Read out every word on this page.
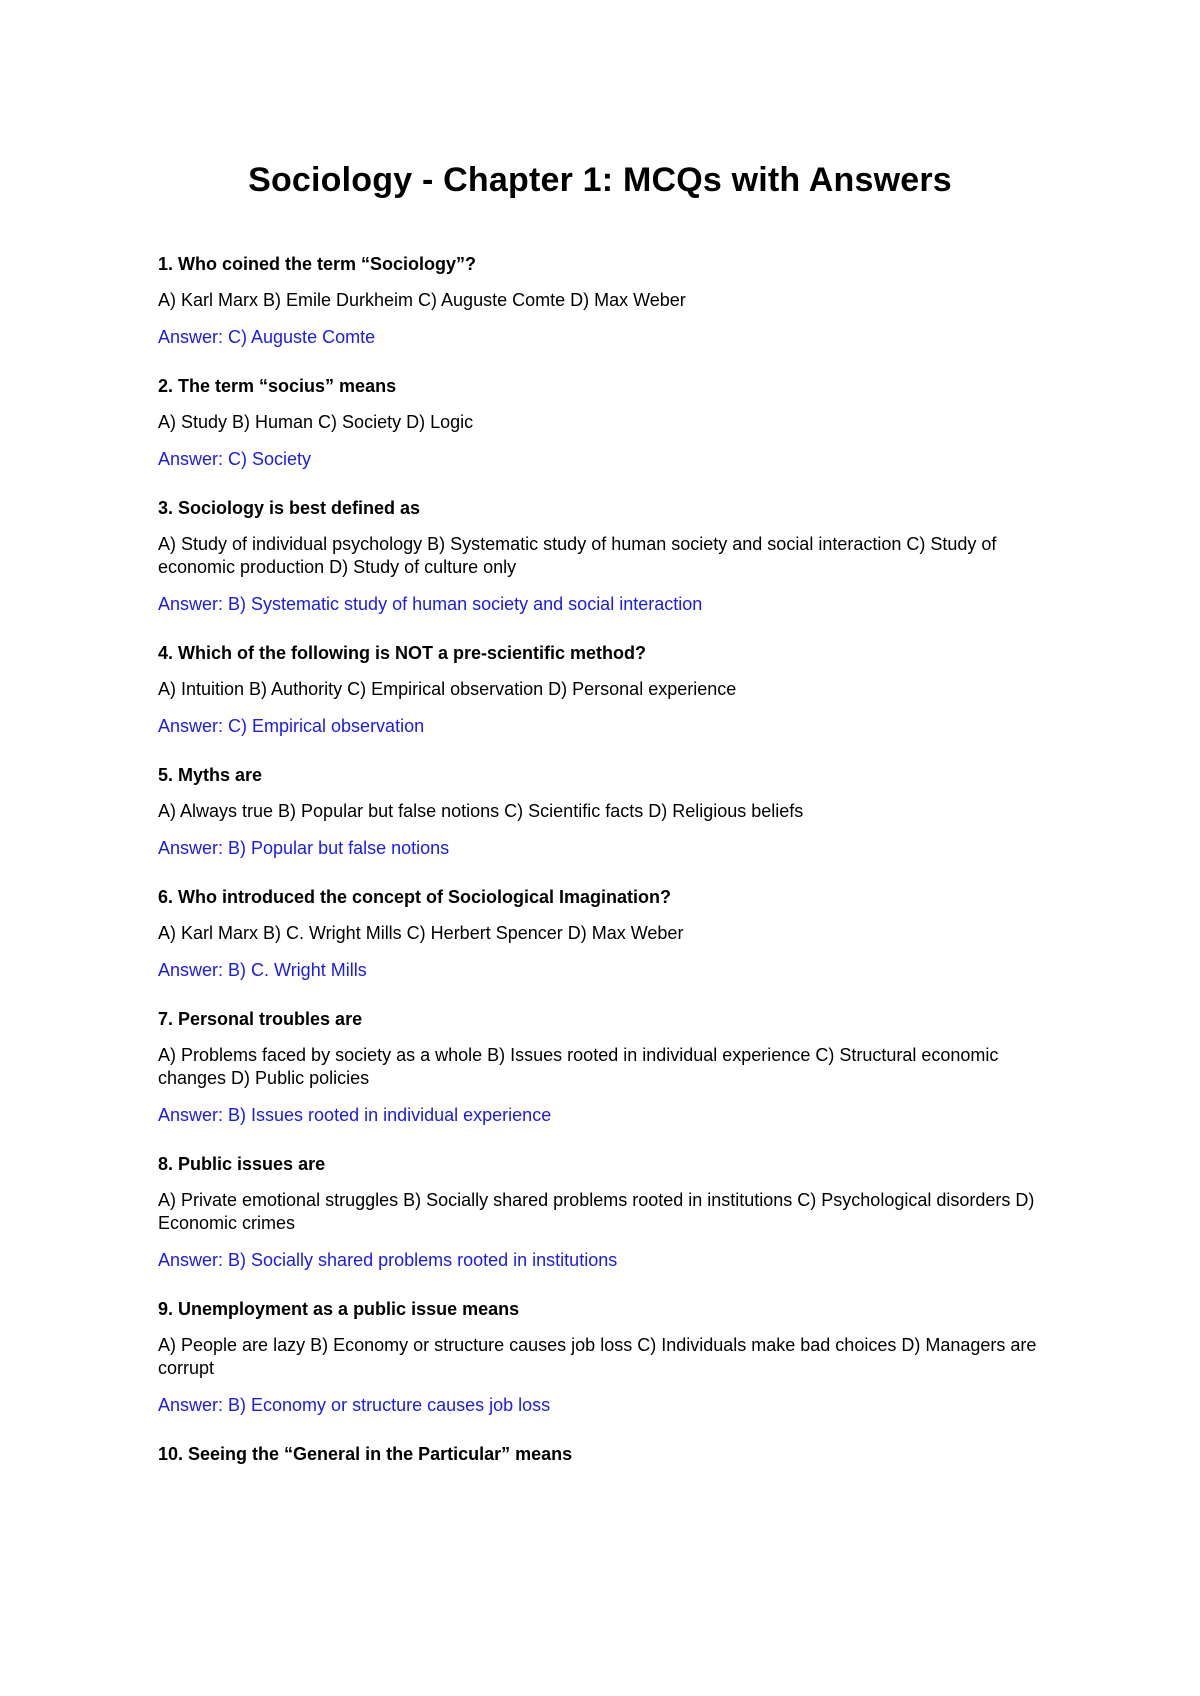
Sociology - Chapter 1: MCQs with Answers
1. Who coined the term “Sociology”?
A) Karl Marx B) Emile Durkheim C) Auguste Comte D) Max Weber
Answer: C) Auguste Comte
2. The term “socius” means
A) Study B) Human C) Society D) Logic
Answer: C) Society
3. Sociology is best defined as
A) Study of individual psychology B) Systematic study of human society and social interaction C) Study of economic production D) Study of culture only
Answer: B) Systematic study of human society and social interaction
4. Which of the following is NOT a pre-scientific method?
A) Intuition B) Authority C) Empirical observation D) Personal experience
Answer: C) Empirical observation
5. Myths are
A) Always true B) Popular but false notions C) Scientific facts D) Religious beliefs
Answer: B) Popular but false notions
6. Who introduced the concept of Sociological Imagination?
A) Karl Marx B) C. Wright Mills C) Herbert Spencer D) Max Weber
Answer: B) C. Wright Mills
7. Personal troubles are
A) Problems faced by society as a whole B) Issues rooted in individual experience C) Structural economic changes D) Public policies
Answer: B) Issues rooted in individual experience
8. Public issues are
A) Private emotional struggles B) Socially shared problems rooted in institutions C) Psychological disorders D) Economic crimes
Answer: B) Socially shared problems rooted in institutions
9. Unemployment as a public issue means
A) People are lazy B) Economy or structure causes job loss C) Individuals make bad choices D) Managers are corrupt
Answer: B) Economy or structure causes job loss
10. Seeing the “General in the Particular” means
